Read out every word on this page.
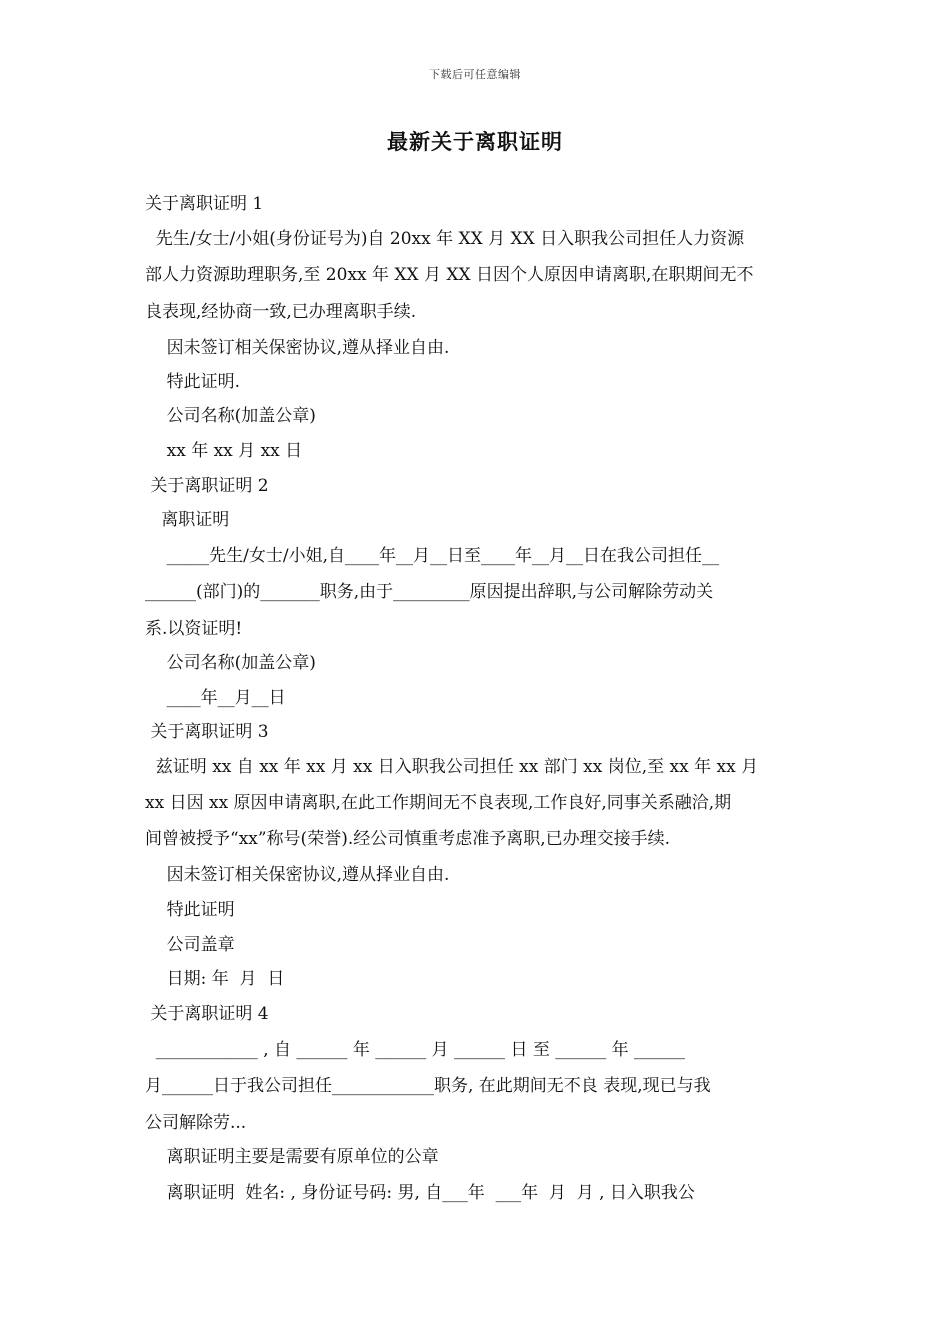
下载后可任意编辑
最新关于离职证明
关于离职证明 1
先生/女士/小姐(身份证号为)自 20xx 年 XX 月 XX 日入职我公司担任人力资源
部人力资源助理职务,至 20xx 年 XX 月 XX 日因个人原因申请离职,在职期间无不
良表现,经协商一致,已办理离职手续.
因未签订相关保密协议,遵从择业自由.
特此证明.
公司名称(加盖公章)
xx 年 xx 月 xx 日
关于离职证明 2
离职证明
_____先生/女士/小姐,自____年__月__日至____年__月__日在我公司担任__
______(部门)的_______职务,由于_________原因提出辞职,与公司解除劳动关
系.以资证明!
公司名称(加盖公章)
____年__月__日
关于离职证明 3
兹证明 xx 自 xx 年 xx 月 xx 日入职我公司担任 xx 部门 xx 岗位,至 xx 年 xx 月
xx 日因 xx 原因申请离职,在此工作期间无不良表现,工作良好,同事关系融洽,期
间曾被授予“xx”称号(荣誉).经公司慎重考虑准予离职,已办理交接手续.
因未签订相关保密协议,遵从择业自由.
特此证明
公司盖章
日期: 年  月  日
关于离职证明 4
____________ , 自 ______ 年 ______ 月 ______ 日 至 ______ 年 ______
月______日于我公司担任____________职务, 在此期间无不良 表现,现已与我
公司解除劳...
离职证明主要是需要有原单位的公章
离职证明  姓名: , 身份证号码: 男, 自___年  ___年  月  月 , 日入职我公
